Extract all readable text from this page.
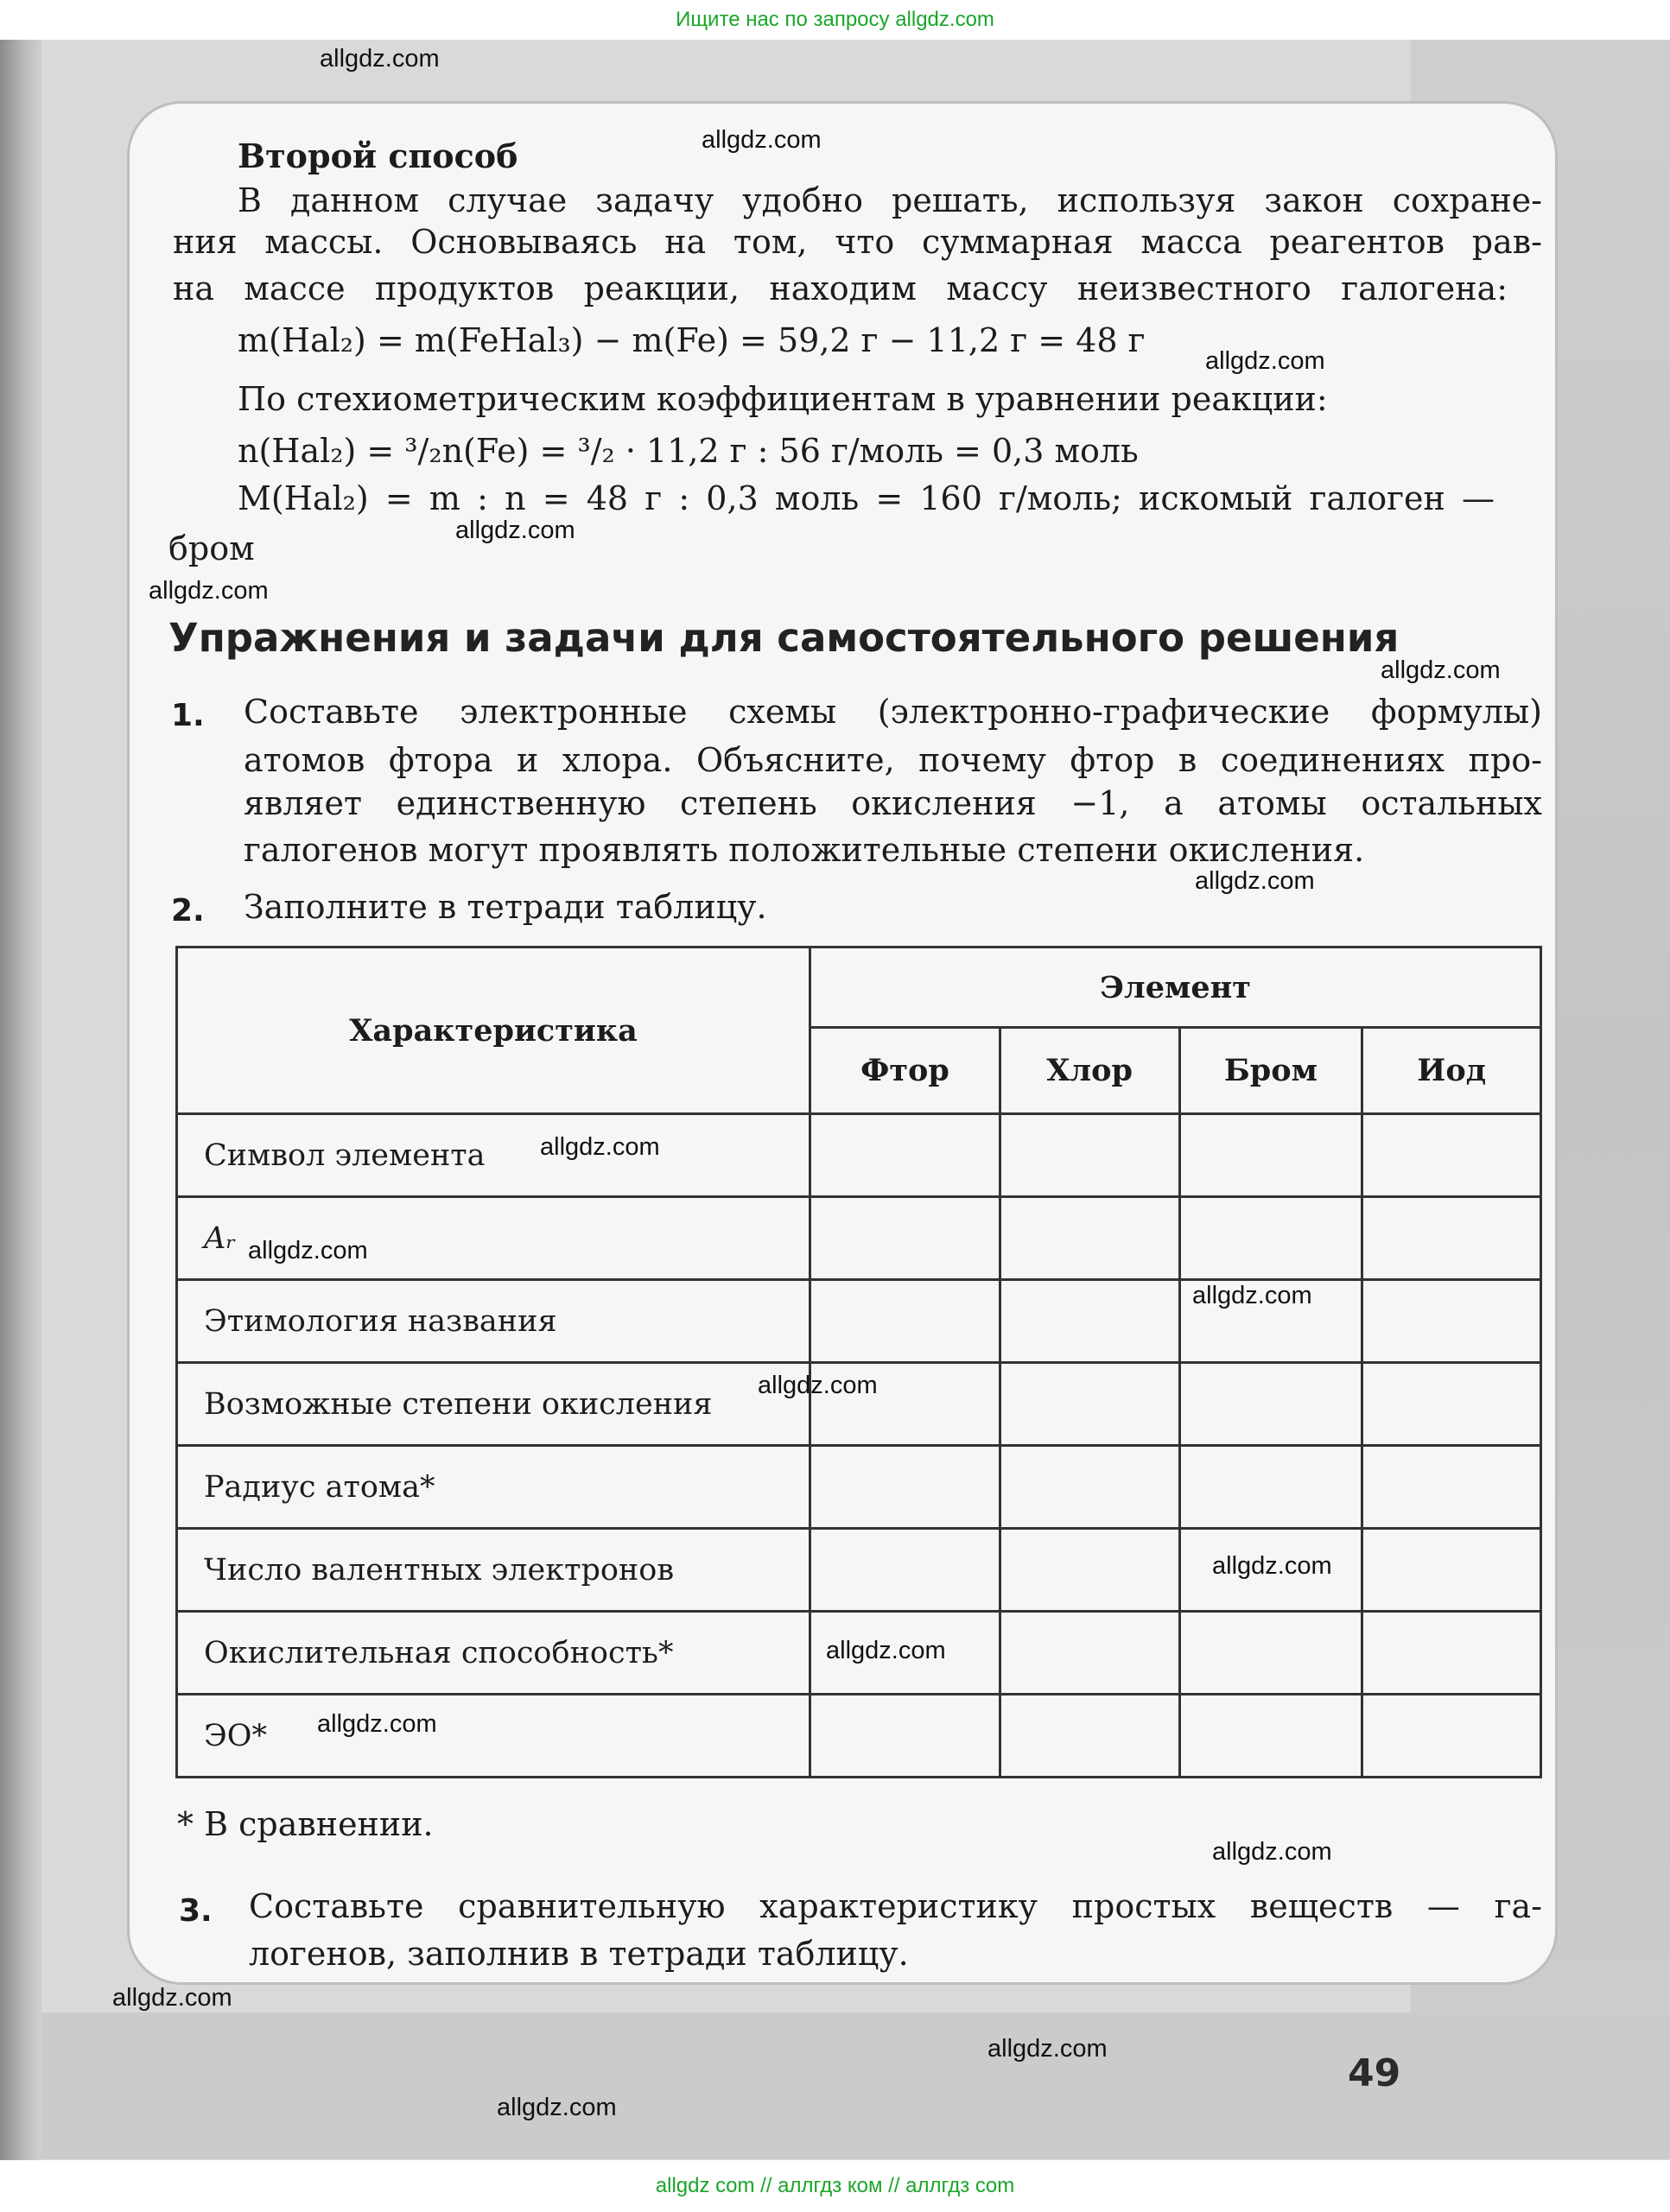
Ищите нас по запросу allgdz.com
Второй способ
В данном случае задачу удобно решать, используя закон сохране-
ния массы. Основываясь на том, что суммарная масса реагентов рав-
на массе продуктов реакции, находим массу неизвестного галогена:
m(Hal₂) = m(FeHal₃) − m(Fe) = 59,2 г − 11,2 г = 48 г
По стехиометрическим коэффициентам в уравнении реакции:
n(Hal₂) = ³/₂n(Fe) = ³/₂ · 11,2 г : 56 г/моль = 0,3 моль
M(Hal₂) = m : n = 48 г : 0,3 моль = 160 г/моль; искомый галоген —
бром
Упражнения и задачи для самостоятельного решения
1. Составьте электронные схемы (электронно-графические формулы)
атомов фтора и хлора. Объясните, почему фтор в соединениях про-
являет единственную степень окисления −1, а атомы остальных
галогенов могут проявлять положительные степени окисления.
2. Заполните в тетради таблицу.
Характеристика	Элемент			
	Фтор	Хлор	Бром	Иод
Символ элемента				
Aᵣ				
Этимология названия				
Возможные степени окисления				
Радиус атома*				
Число валентных электронов				
Окислительная способность*				
ЭО*				
* В сравнении.
3. Составьте сравнительную характеристику простых веществ — га-
логенов, заполнив в тетради таблицу.
49
allgdz.com
allgdz.com
allgdz.com
allgdz.com
allgdz.com
allgdz.com
allgdz.com
allgdz.com
allgdz.com
allgdz.com
allgdz.com
allgdz.com
allgdz.com
allgdz.com
allgdz.com
allgdz.com
allgdz.com
allgdz.com
allgdz com // аллгдз ком // аллгдз com
